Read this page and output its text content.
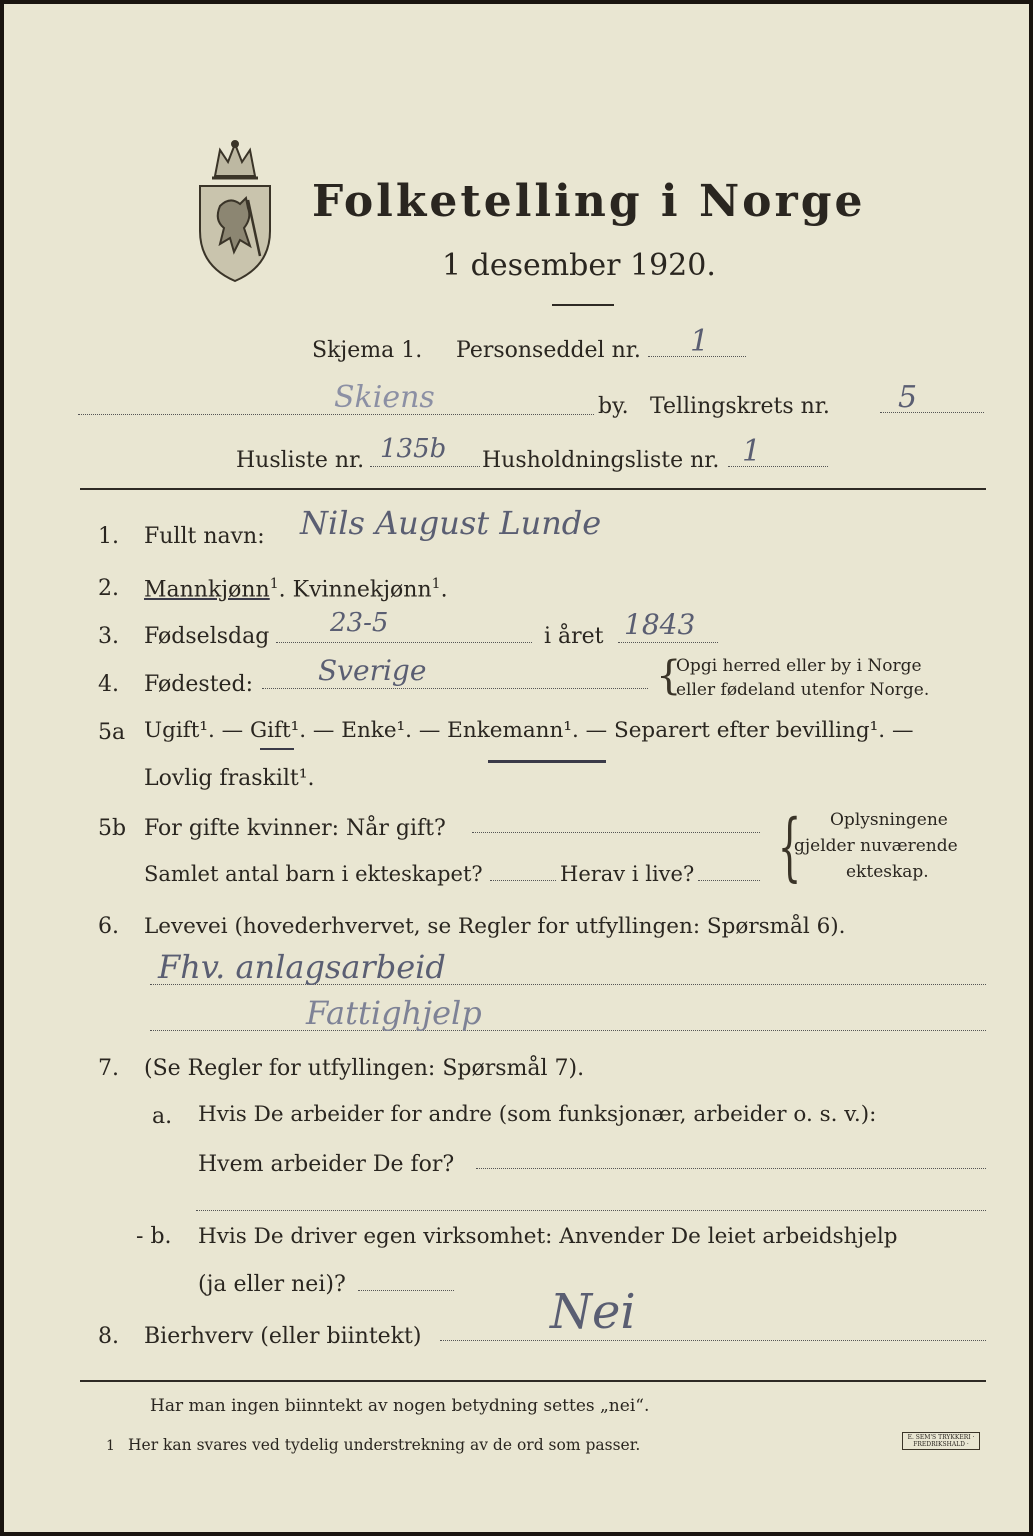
Folketelling i Norge
1 desember 1920.
Skjema 1. Personseddel nr. 1
Skiens	by. Tellingskrets nr. 5
Husliste nr. 135b Husholdningsliste nr. 1
1. Fullt navn: Nils August Lunde
2. Mannkjønn$^1$. Kvinnekjønn$^1$.
3. Fødselsdag 23-5	i året 1843
4. Fødested: Sverige	{
Opgi herred eller by i Norge
eller fødeland utenfor Norge.
5a Ugift¹. — Gift¹. — Enke¹. — Enkemann¹. — Separert efter bevilling¹. —
Lovlig fraskilt¹.
5b For gifte kvinner: Når gift?
Samlet antal barn i ekteskapet?	Herav i live? { Oplysningene
gjelder nuværende
ekteskap.
6. Levevei (hovederhvervet, se Regler for utfyllingen: Spørsmål 6).
Fhv. anlagsarbeid
Fattighjelp
7. (Se Regler for utfyllingen: Spørsmål 7).
a. Hvis De arbeider for andre (som funksjonær, arbeider o. s. v.):
Hvem arbeider De for?
- b. Hvis De driver egen virksomhet: Anvender De leiet arbeidshjelp
(ja eller nei)?
8. Bierhverv (eller biintekt)	Nei
Har man ingen biinntekt av nogen betydning settes „nei“.
1 Her kan svares ved tydelig understrekning av de ord som passer.	E. SEM'S TRYKKERI · FREDRIKSHALD ·
